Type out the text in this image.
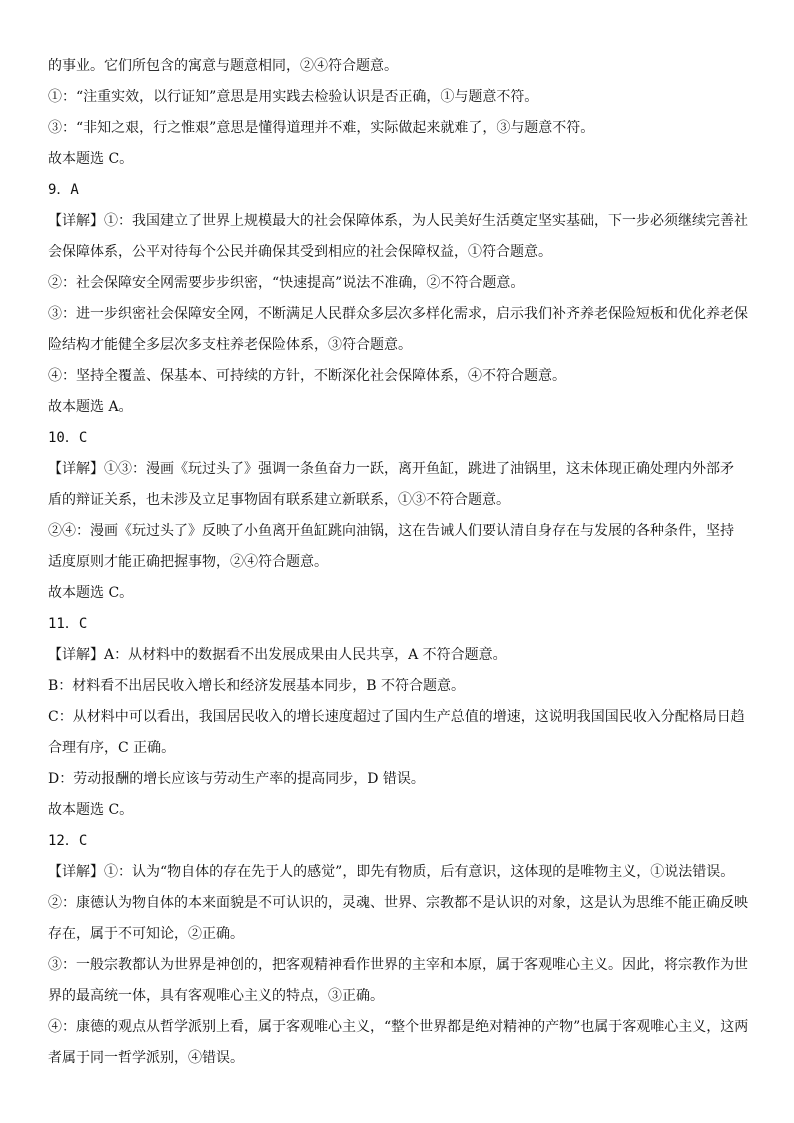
的事业。它们所包含的寓意与题意相同，②④符合题意。
①：“注重实效，以行证知”意思是用实践去检验认识是否正确，①与题意不符。
③：“非知之艰，行之惟艰”意思是懂得道理并不难，实际做起来就难了，③与题意不符。
故本题选 C。
9．A
【详解】①：我国建立了世界上规模最大的社会保障体系，为人民美好生活奠定坚实基础，下一步必须继续完善社
会保障体系，公平对待每个公民并确保其受到相应的社会保障权益，①符合题意。
②：社会保障安全网需要步步织密，“快速提高”说法不准确，②不符合题意。
③：进一步织密社会保障安全网，不断满足人民群众多层次多样化需求，启示我们补齐养老保险短板和优化养老保
险结构才能健全多层次多支柱养老保险体系，③符合题意。
④：坚持全覆盖、保基本、可持续的方针，不断深化社会保障体系，④不符合题意。
故本题选 A。
10．C
【详解】①③：漫画《玩过头了》强调一条鱼奋力一跃，离开鱼缸，跳进了油锅里，这未体现正确处理内外部矛
盾的辩证关系，也未涉及立足事物固有联系建立新联系，①③不符合题意。
②④：漫画《玩过头了》反映了小鱼离开鱼缸跳向油锅，这在告诫人们要认清自身存在与发展的各种条件，坚持
适度原则才能正确把握事物，②④符合题意。
故本题选 C。
11．C
【详解】A：从材料中的数据看不出发展成果由人民共享，A 不符合题意。
B：材料看不出居民收入增长和经济发展基本同步，B 不符合题意。
C：从材料中可以看出，我国居民收入的增长速度超过了国内生产总值的增速，这说明我国国民收入分配格局日趋
合理有序，C 正确。
D：劳动报酬的增长应该与劳动生产率的提高同步，D 错误。
故本题选 C。
12．C
【详解】①：认为“物自体的存在先于人的感觉”，即先有物质，后有意识，这体现的是唯物主义，①说法错误。
②：康德认为物自体的本来面貌是不可认识的，灵魂、世界、宗教都不是认识的对象，这是认为思维不能正确反映
存在，属于不可知论，②正确。
③：一般宗教都认为世界是神创的，把客观精神看作世界的主宰和本原，属于客观唯心主义。因此，将宗教作为世
界的最高统一体，具有客观唯心主义的特点，③正确。
④：康德的观点从哲学派别上看，属于客观唯心主义，“整个世界都是绝对精神的产物”也属于客观唯心主义，这两
者属于同一哲学派别，④错误。
